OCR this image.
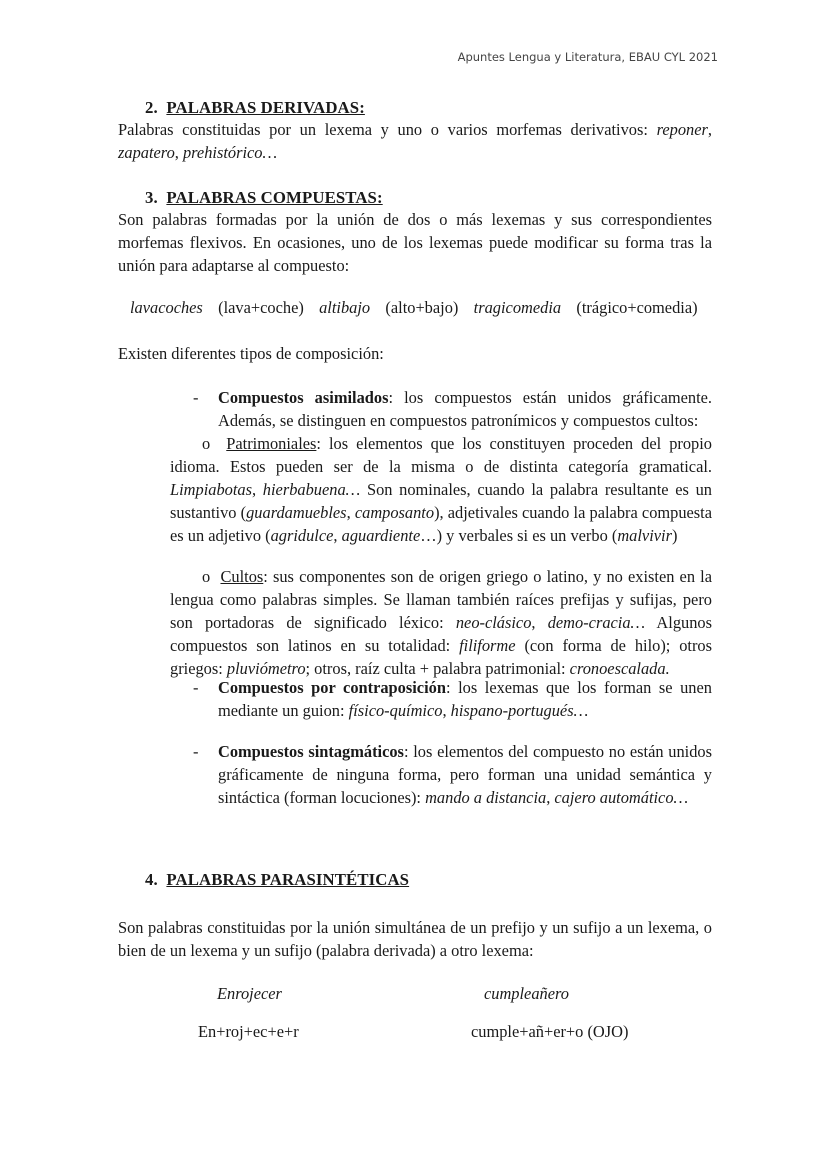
Apuntes Lengua y Literatura, EBAU CYL 2021
2. PALABRAS DERIVADAS:
Palabras constituidas por un lexema y uno o varios morfemas derivativos: reponer, zapatero, prehistórico…
3. PALABRAS COMPUESTAS:
Son palabras formadas por la unión de dos o más lexemas y sus correspondientes morfemas flexivos. En ocasiones, uno de los lexemas puede modificar su forma tras la unión para adaptarse al compuesto:
lavacoches (lava+coche) altibajo (alto+bajo) tragicomedia (trágico+comedia)
Existen diferentes tipos de composición:
- Compuestos asimilados: los compuestos están unidos gráficamente. Además, se distinguen en compuestos patronímicos y compuestos cultos:
o Patrimoniales: los elementos que los constituyen proceden del propio idioma. Estos pueden ser de la misma o de distinta categoría gramatical. Limpiabotas, hierbabuena… Son nominales, cuando la palabra resultante es un sustantivo (guardamuebles, camposanto), adjetivales cuando la palabra compuesta es un adjetivo (agridulce, aguardiente…) y verbales si es un verbo (malvivir)
o Cultos: sus componentes son de origen griego o latino, y no existen en la lengua como palabras simples. Se llaman también raíces prefijas y sufijas, pero son portadoras de significado léxico: neo-clásico, demo-cracia… Algunos compuestos son latinos en su totalidad: filiforme (con forma de hilo); otros griegos: pluviómetro; otros, raíz culta + palabra patrimonial: cronoescalada.
- Compuestos por contraposición: los lexemas que los forman se unen mediante un guion: físico-químico, hispano-portugués…
- Compuestos sintagmáticos: los elementos del compuesto no están unidos gráficamente de ninguna forma, pero forman una unidad semántica y sintáctica (forman locuciones): mando a distancia, cajero automático…
4. PALABRAS PARASINTÉTICAS
Son palabras constituidas por la unión simultánea de un prefijo y un sufijo a un lexema, o bien de un lexema y un sufijo (palabra derivada) a otro lexema:
Enrojecer	cumpleañero
En+roj+ec+e+r	cumple+añ+er+o (OJO)
